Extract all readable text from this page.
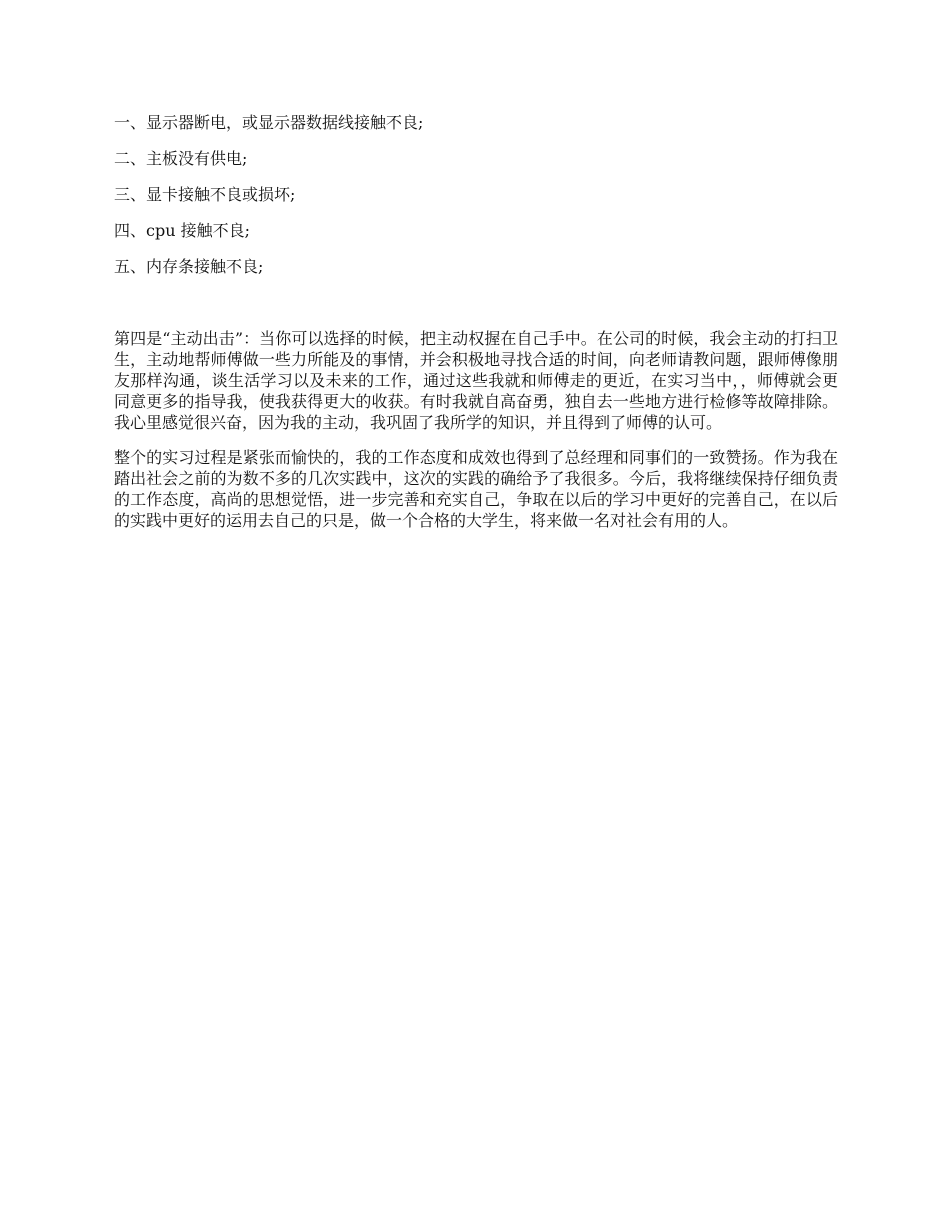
一、显示器断电，或显示器数据线接触不良;
二、主板没有供电;
三、显卡接触不良或损坏;
四、cpu 接触不良;
五、内存条接触不良;

第四是“主动出击”：当你可以选择的时候，把主动权握在自己手中。在公司的时候，我会主动的打扫卫生，主动地帮师傅做一些力所能及的事情，并会积极地寻找合适的时间，向老师请教问题，跟师傅像朋友那样沟通，谈生活学习以及未来的工作，通过这些我就和师傅走的更近，在实习当中，，师傅就会更同意更多的指导我，使我获得更大的收获。有时我就自高奋勇，独自去一些地方进行检修等故障排除。我心里感觉很兴奋，因为我的主动，我巩固了我所学的知识，并且得到了师傅的认可。

整个的实习过程是紧张而愉快的，我的工作态度和成效也得到了总经理和同事们的一致赞扬。作为我在踏出社会之前的为数不多的几次实践中，这次的实践的确给予了我很多。今后，我将继续保持仔细负责的工作态度，高尚的思想觉悟，进一步完善和充实自己，争取在以后的学习中更好的完善自己，在以后的实践中更好的运用去自己的只是，做一个合格的大学生，将来做一名对社会有用的人。
